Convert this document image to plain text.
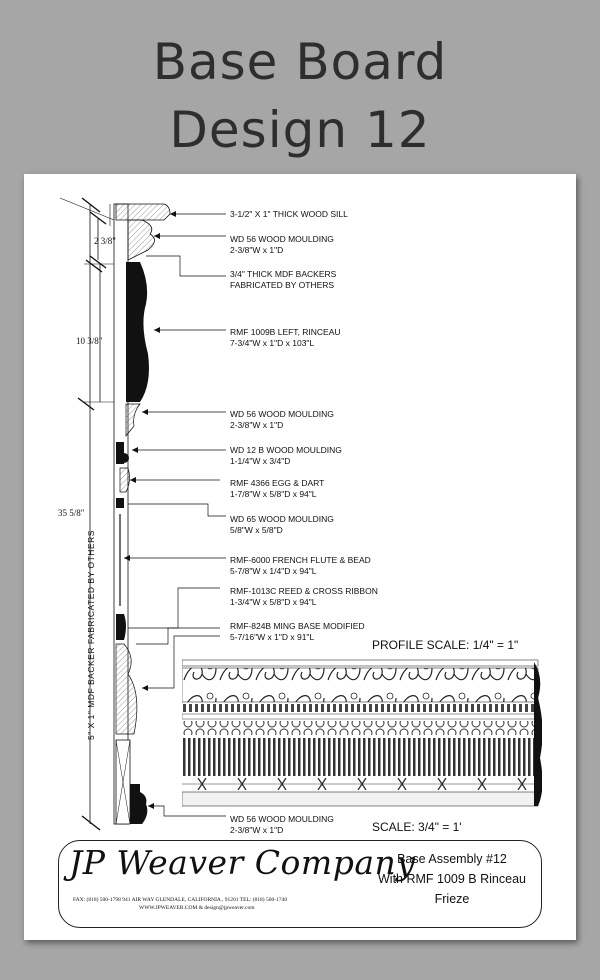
Base Board
Design 12
3-1/2" X 1" THICK WOOD SILL
WD 56 WOOD MOULDING
2-3/8"W x 1"D
3/4" THICK MDF BACKERS
FABRICATED BY OTHERS
RMF 1009B LEFT, RINCEAU
7-3/4"W x 1"D x 103"L
WD 56 WOOD MOULDING
2-3/8"W x 1"D
WD 12 B WOOD MOULDING
1-1/4"W x 3/4"D
RMF 4366 EGG & DART
1-7/8"W x 5/8"D x 94"L
WD 65 WOOD MOULDING
5/8"W x 5/8"D
RMF-6000 FRENCH FLUTE & BEAD
5-7/8"W x 1/4"D x 94"L
RMF-1013C REED & CROSS RIBBON
1-3/4"W x 5/8"D x 94"L
RMF-824B MING BASE MODIFIED
5-7/16"W x 1"D x 91"L
WD 56 WOOD MOULDING
2-3/8"W x 1"D
2 3/8"
10 3/8"
35 5/8"
5" X 1" MDF BACKER FABRICATED BY OTHERS	PROFILE SCALE: 1/4" = 1"
SCALE: 3/4" = 1'
JP Weaver Company
FAX: (818) 500-1798 941 AIR WAY GLENDALE, CALIFORNIA , 91201 TEL: (818) 500-1740
WWW.JPWEAVER.COM & design@jpweaver.com
Base Assembly #12
With RMF 1009 B Rinceau
Frieze
